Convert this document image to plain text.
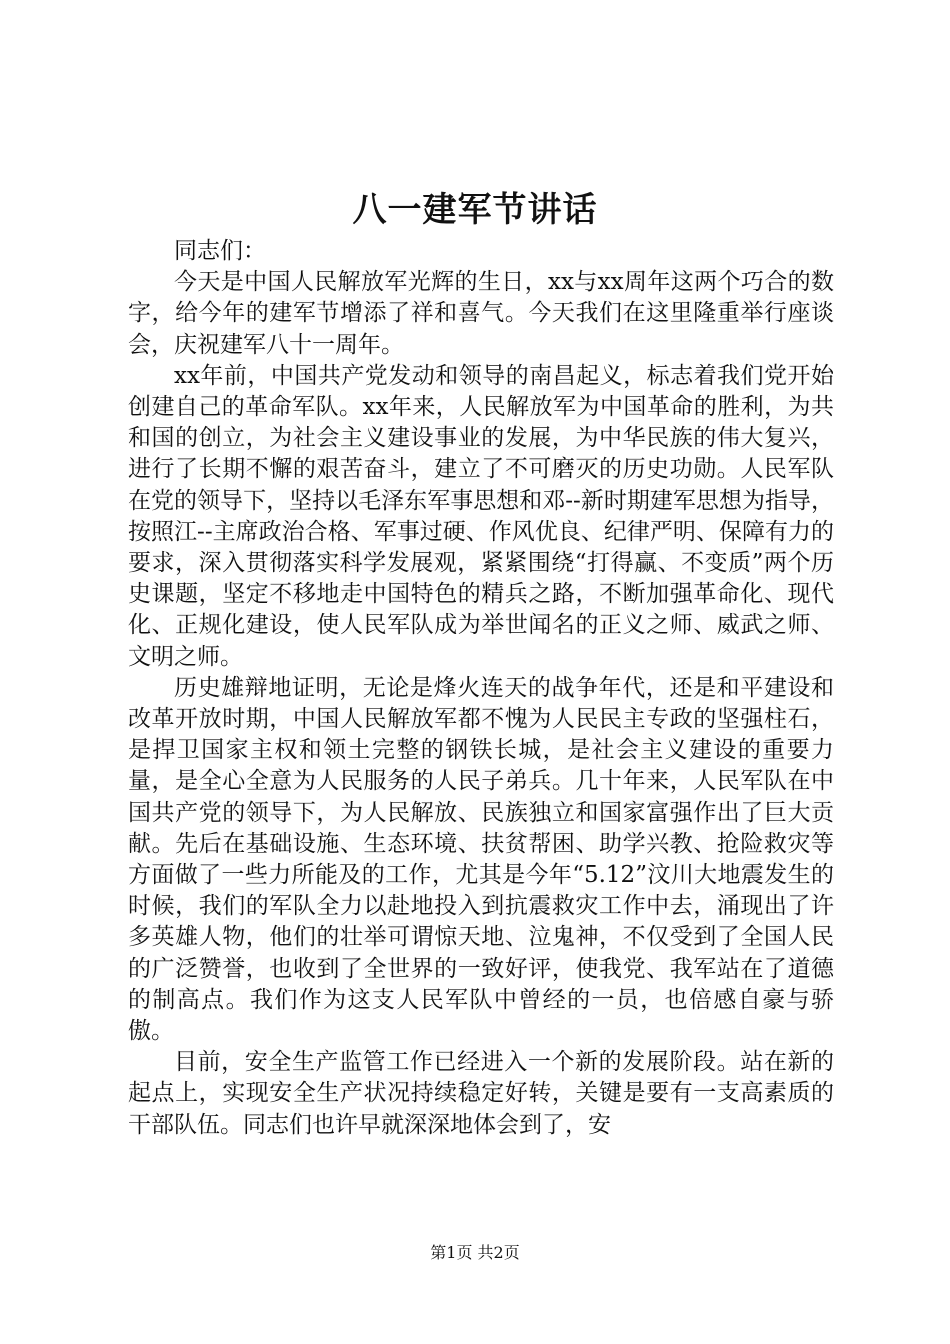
八一建军节讲话

同志们：

今天是中国人民解放军光辉的生日，xx与xx周年这两个巧合的数字，给今年的建军节增添了祥和喜气。今天我们在这里隆重举行座谈会，庆祝建军八十一周年。

xx年前，中国共产党发动和领导的南昌起义，标志着我们党开始创建自己的革命军队。xx年来，人民解放军为中国革命的胜利，为共和国的创立，为社会主义建设事业的发展，为中华民族的伟大复兴，进行了长期不懈的艰苦奋斗，建立了不可磨灭的历史功勋。人民军队在党的领导下，坚持以毛泽东军事思想和邓--新时期建军思想为指导，按照江--主席政治合格、军事过硬、作风优良、纪律严明、保障有力的要求，深入贯彻落实科学发展观，紧紧围绕“打得赢、不变质”两个历史课题，坚定不移地走中国特色的精兵之路，不断加强革命化、现代化、正规化建设，使人民军队成为举世闻名的正义之师、威武之师、文明之师。

历史雄辩地证明，无论是烽火连天的战争年代，还是和平建设和改革开放时期，中国人民解放军都不愧为人民民主专政的坚强柱石，是捍卫国家主权和领土完整的钢铁长城，是社会主义建设的重要力量，是全心全意为人民服务的人民子弟兵。几十年来，人民军队在中国共产党的领导下，为人民解放、民族独立和国家富强作出了巨大贡献。先后在基础设施、生态环境、扶贫帮困、助学兴教、抢险救灾等方面做了一些力所能及的工作，尤其是今年“5.12”汶川大地震发生的时候，我们的军队全力以赴地投入到抗震救灾工作中去，涌现出了许多英雄人物，他们的壮举可谓惊天地、泣鬼神，不仅受到了全国人民的广泛赞誉，也收到了全世界的一致好评，使我党、我军站在了道德的制高点。我们作为这支人民军队中曾经的一员，也倍感自豪与骄傲。

目前，安全生产监管工作已经进入一个新的发展阶段。站在新的起点上，实现安全生产状况持续稳定好转，关键是要有一支高素质的干部队伍。同志们也许早就深深地体会到了，安

第1页 共2页
